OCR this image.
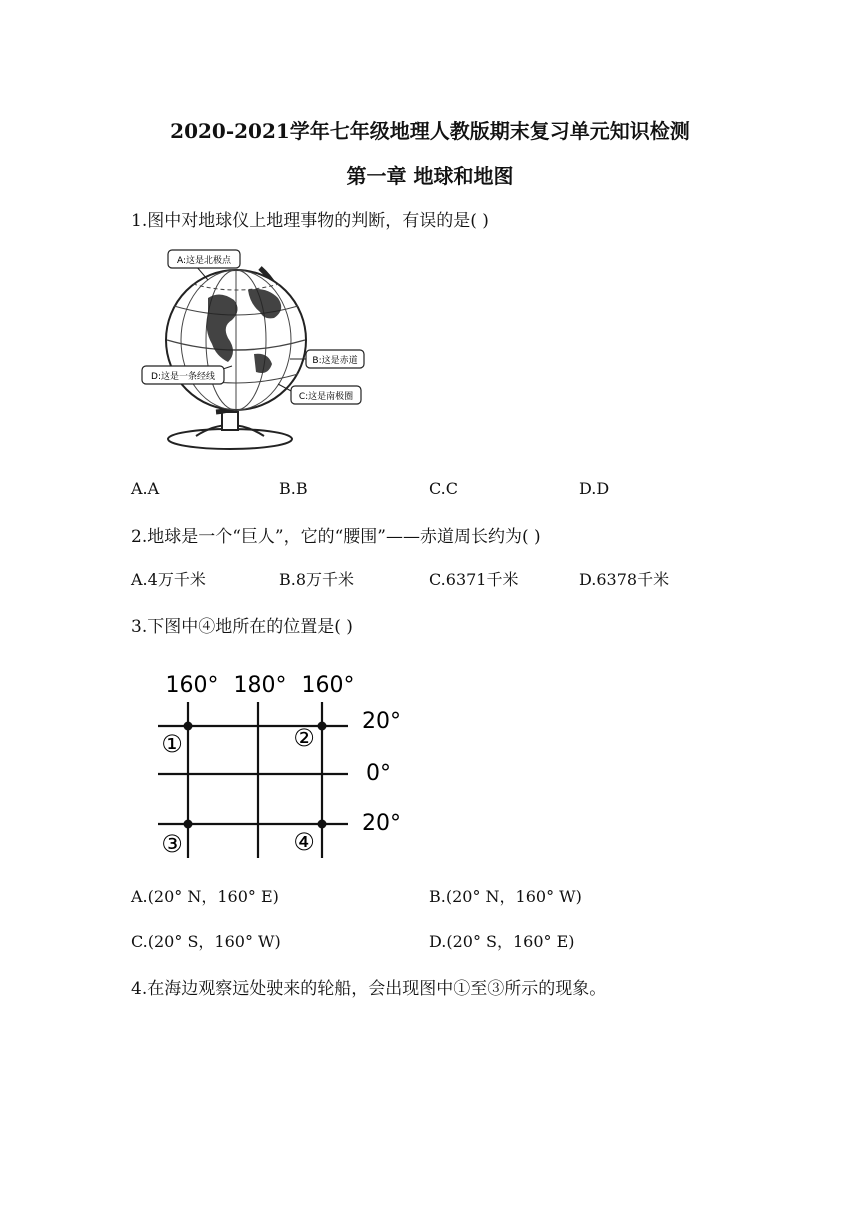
2020-2021学年七年级地理人教版期末复习单元知识检测
第一章 地球和地图
1.图中对地球仪上地理事物的判断，有误的是( )
A:这是北极点
B:这是赤道
C:这是南极圈
D:这是一条经线
A.A	B.B	C.C	D.D
2.地球是一个“巨人”，它的“腰围”——赤道周长约为( )
A.4万千米	B.8万千米	C.6371千米	D.6378千米
3.下图中④地所在的位置是( )
160° 180° 160°
20°
0°
20°
①	②
③	④
A.(20° N，160° E)	B.(20° N，160° W)
C.(20° S，160° W)	D.(20° S，160° E)
4.在海边观察远处驶来的轮船，会出现图中①至③所示的现象。
